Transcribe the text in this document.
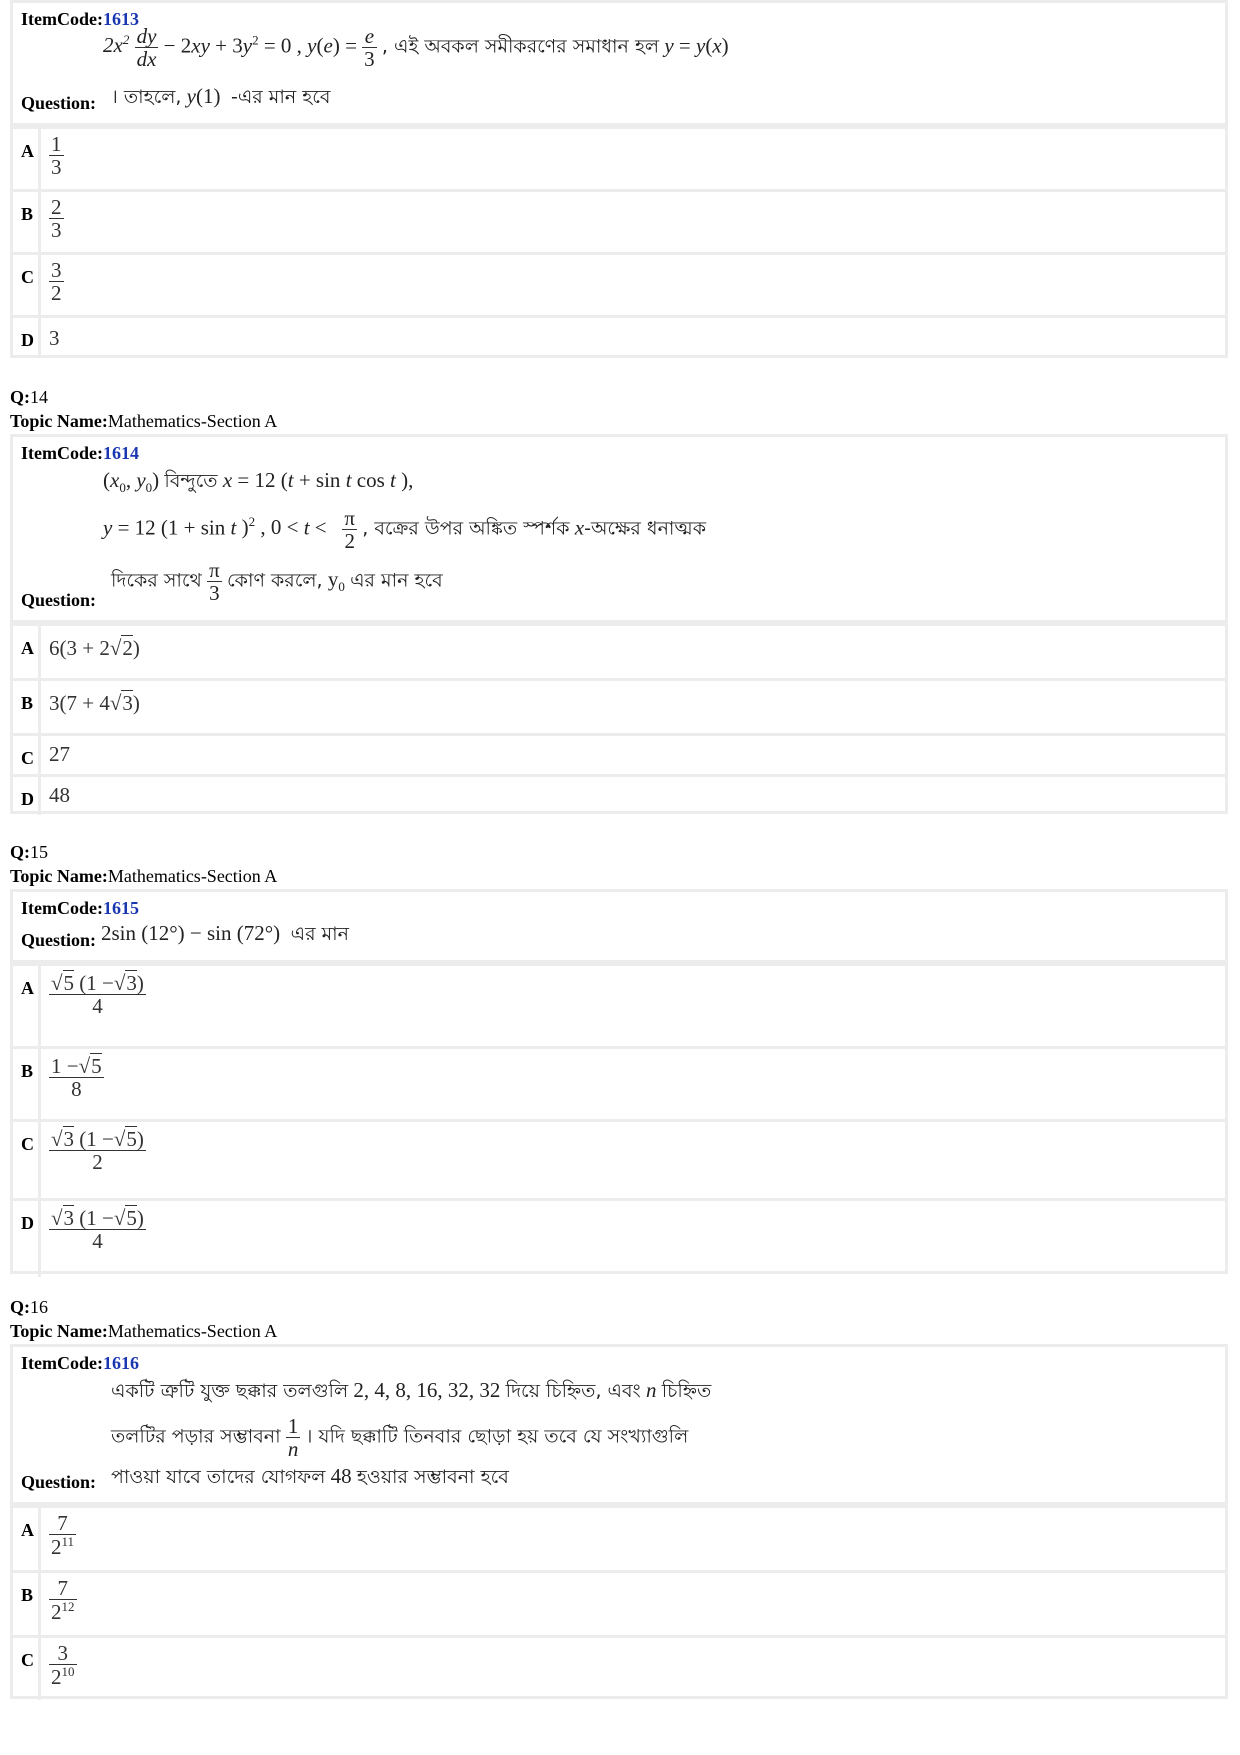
ItemCode:1613
$2x^2 \frac{dy}{dx} - 2xy + 3y^2 = 0$ , $y(e) = \frac{e}{3}$ , এই অবকল সমীকরণের সমাধান হল y = y(x)
Question: । তাহলে, y(1) -এর মান হবে
A $\frac{1}{3}$
B $\frac{2}{3}$
C $\frac{3}{2}$
D 3
Q:14
Topic Name:Mathematics-Section A
ItemCode:1614
($x_0$, $y_0$) বিন্দুতে x = 12 (t + sin t cos t ),
y = 12 (1 + sin t )$^2$ , $0 < t < \frac{\pi}{2}$ , বক্রের উপর অঙ্কিত স্পর্শক x-অক্ষের ধনাত্মক
Question:
দিকের সাথে $\frac{\pi}{3}$ কোণ করলে, $y_0$ এর মান হবে
A 6(3 + 2√2)
B 3(7 + 4√3)
C 27
D 48
Q:15
Topic Name:Mathematics-Section A
ItemCode:1615
Question: 2sin (12°) − sin (72°) এর মান
A $\frac{√5 (1 -√3)}{4}$
B $\frac{1 -√5}{8}$
C $\frac{√3 (1 -√5)}{2}$
D $\frac{√3 (1 -√5)}{4}$
Q:16
Topic Name:Mathematics-Section A
ItemCode:1616
একটি ত্রুটি যুক্ত ছক্কার তলগুলি 2, 4, 8, 16, 32, 32 দিয়ে চিহ্নিত, এবং n চিহ্নিত
তলটির পড়ার সম্ভাবনা $\frac{1}{n}$ । যদি ছক্কাটি তিনবার ছোড়া হয় তবে যে সংখ্যাগুলি
Question: পাওয়া যাবে তাদের যোগফল 48 হওয়ার সম্ভাবনা হবে
A $\frac{7}{2^{11}}$
B $\frac{7}{2^{12}}$
C $\frac{3}{2^{10}}$
